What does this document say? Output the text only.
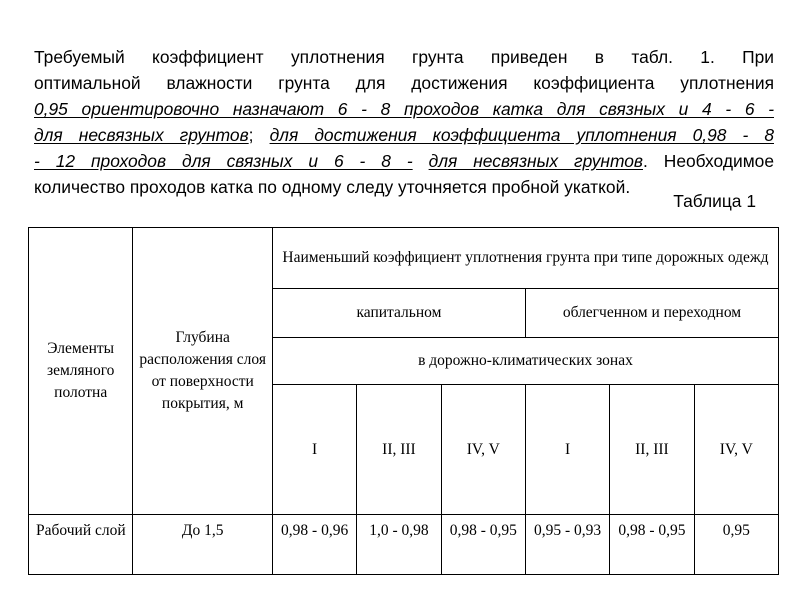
Требуемый коэффициент уплотнения грунта приведен в табл. 1. При
оптимальной влажности грунта для достижения коэффициента уплотнения
0,95 ориентировочно назначают 6 - 8 проходов катка для связных и 4 - 6 -
для несвязных грунтов; для достижения коэффициента уплотнения 0,98 - 8
- 12 проходов для связных и 6 - 8 - для несвязных грунтов. Необходимое
количество проходов катка по одному следу уточняется пробной укаткой.
Таблица 1
Элементы земляного полотна	Глубина расположения слоя от поверхности покрытия, м	Наименьший коэффициент уплотнения грунта при типе дорожных одежд					
		капитальном			облегченном и переходном		
		в дорожно-климатических зонах					
		I	II, III	IV, V	I	II, III	IV, V
Рабочий слой	До 1,5	0,98 - 0,96	1,0 - 0,98	0,98 - 0,95	0,95 - 0,93	0,98 - 0,95	0,95
